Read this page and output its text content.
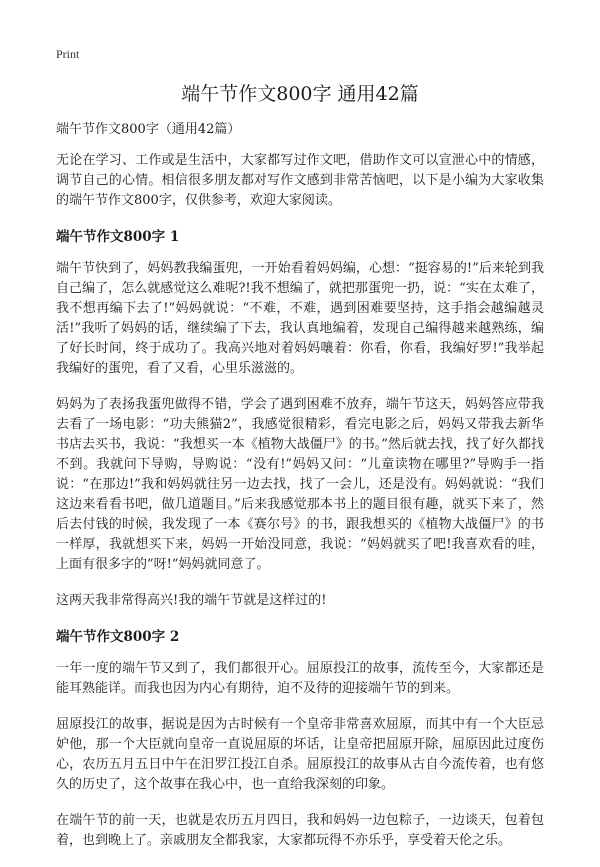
Print
端午节作文800字 通用42篇

端午节作文800字（通用42篇）

无论在学习、工作或是生活中，大家都写过作文吧，借助作文可以宣泄心中的情感，调节自己的心情。相信很多朋友都对写作文感到非常苦恼吧，以下是小编为大家收集的端午节作文800字，仅供参考，欢迎大家阅读。

端午节作文800字 1

端午节快到了，妈妈教我编蛋兜，一开始看着妈妈编，心想：“挺容易的!”后来轮到我自己编了，怎么就感觉这么难呢?!我不想编了，就把那蛋兜一扔，说：“实在太难了，我不想再编下去了!”妈妈就说：“不难，不难，遇到困难要坚持，这手指会越编越灵活!”我听了妈妈的话，继续编了下去，我认真地编着，发现自己编得越来越熟练，编了好长时间，终于成功了。我高兴地对着妈妈嚷着：你看，你看，我编好罗!”我举起我编好的蛋兜，看了又看，心里乐滋滋的。

妈妈为了表扬我蛋兜做得不错，学会了遇到困难不放弃，端午节这天，妈妈答应带我去看了一场电影：“功夫熊猫2”，我感觉很精彩，看完电影之后，妈妈又带我去新华书店去买书，我说：“我想买一本《植物大战僵尸》的书。”然后就去找，找了好久都找不到。我就问下导购，导购说：“没有!”妈妈又问：“儿童读物在哪里?”导购手一指说：“在那边!”我和妈妈就往另一边去找，找了一会儿，还是没有。妈妈就说：“我们这边来看看书吧，做几道题目。”后来我感觉那本书上的题目很有趣，就买下来了，然后去付钱的时候，我发现了一本《赛尔号》的书，跟我想买的《植物大战僵尸》的书一样厚，我就想买下来，妈妈一开始没同意，我说：“妈妈就买了吧!我喜欢看的哇，上面有很多字的”呀!”妈妈就同意了。

这两天我非常得高兴!我的端午节就是这样过的!

端午节作文800字 2

一年一度的端午节又到了，我们都很开心。屈原投江的故事，流传至今，大家都还是能耳熟能详。而我也因为内心有期待，迫不及待的迎接端午节的到来。

屈原投江的故事，据说是因为古时候有一个皇帝非常喜欢屈原，而其中有一个大臣忌妒他，那一个大臣就向皇帝一直说屈原的坏话，让皇帝把屈原开除，屈原因此过度伤心，农历五月五日中午在汨罗江投江自杀。屈原投江的故事从古自今流传着，也有悠久的历史了，这个故事在我心中，也一直给我深刻的印象。

在端午节的前一天，也就是农历五月四日，我和妈妈一边包粽子，一边谈天，包着包着，也到晚上了。亲戚朋友全都我家，大家都玩得不亦乐乎，享受着天伦之乐。
